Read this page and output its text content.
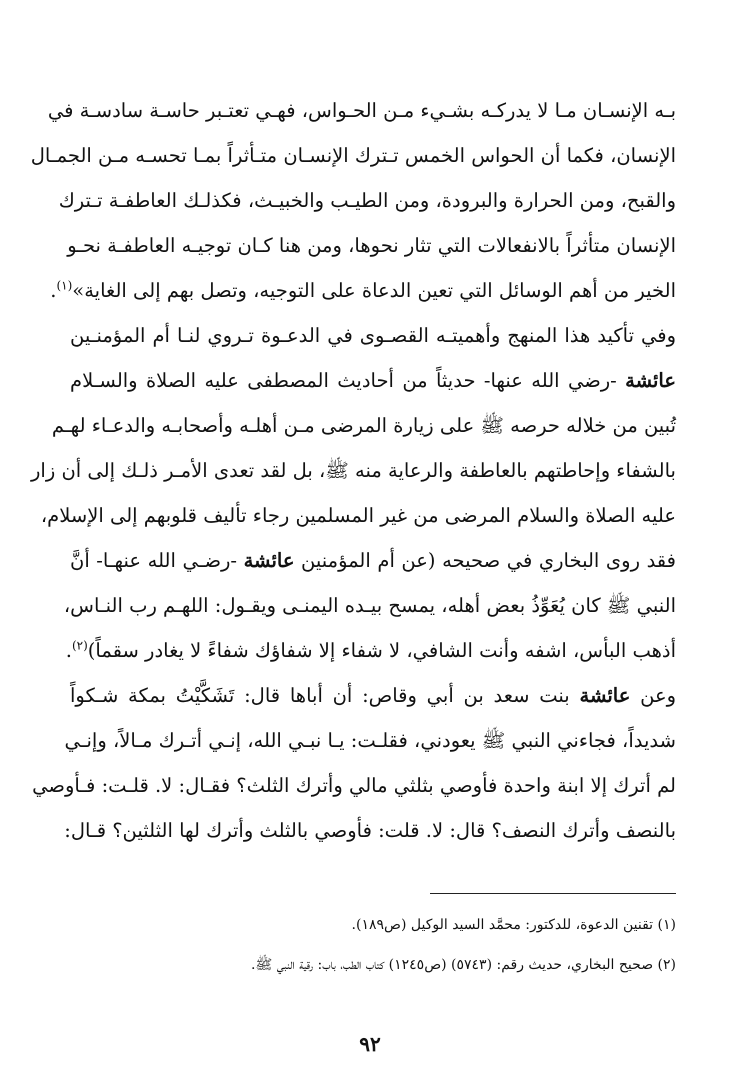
بـه الإنسـان مـا لا يدركـه بشـيء مـن الحـواس، فهـي تعتـبر حاسـة سادسـة في
الإنسان، فكما أن الحواس الخمس تـترك الإنسـان متـأثراً بمـا تحسـه مـن الجمـال
والقبح، ومن الحرارة والبرودة، ومن الطيـب والخبيـث، فكذلـك العاطفـة تـترك
الإنسان متأثراً بالانفعالات التي تثار نحوها، ومن هنا كـان توجيـه العاطفـة نحـو
الخير من أهم الوسائل التي تعين الدعاة على التوجيه، وتصل بهم إلى الغاية»$^{(١)}$.
وفي تأكيد هذا المنهج وأهميتـه القصـوى في الدعـوة تـروي لنـا أم المؤمنـين
عائشة -رضي الله عنها- حديثاً من أحاديث المصطفى عليه الصلاة والسـلام
تُبين من خلاله حرصه ﷺ على زيارة المرضى مـن أهلـه وأصحابـه والدعـاء لهـم
بالشفاء وإحاطتهم بالعاطفة والرعاية منه ﷺ، بل لقد تعدى الأمـر ذلـك إلى أن زار
عليه الصلاة والسلام المرضى من غير المسلمين رجاء تأليف قلوبهم إلى الإسلام،
فقد روى البخاري في صحيحه (عن أم المؤمنين عائشة -رضـي الله عنهـا- أنَّ
النبي ﷺ كان يُعَوِّذُ بعض أهله، يمسح بيـده اليمنـى ويقـول: اللهـم رب النـاس،
أذهب البأس، اشفه وأنت الشافي، لا شفاء إلا شفاؤك شفاءً لا يغادر سقماً)$^{(٢)}$.
وعن عائشة بنت سعد بن أبي وقاص: أن أباها قال: تَشَكَّيْتُ بمكة شـكواً
شديداً، فجاءني النبي ﷺ يعودني، فقلـت: يـا نبـي الله، إنـي أتـرك مـالاً، وإنـي
لم أترك إلا ابنة واحدة فأوصي بثلثي مالي وأترك الثلث؟ فقـال: لا. قلـت: فـأوصي
بالنصف وأترك النصف؟ قال: لا. قلت: فأوصي بالثلث وأترك لها الثلثين؟ قـال:
(١) تقنين الدعوة، للدكتور: محمَّد السيد الوكيل (ص١٨٩).
(٢) صحيح البخاري، حديث رقم: (٥٧٤٣) (ص١٢٤٥) كتاب الطب، باب: رقية النبي ﷺ.
٩٢
